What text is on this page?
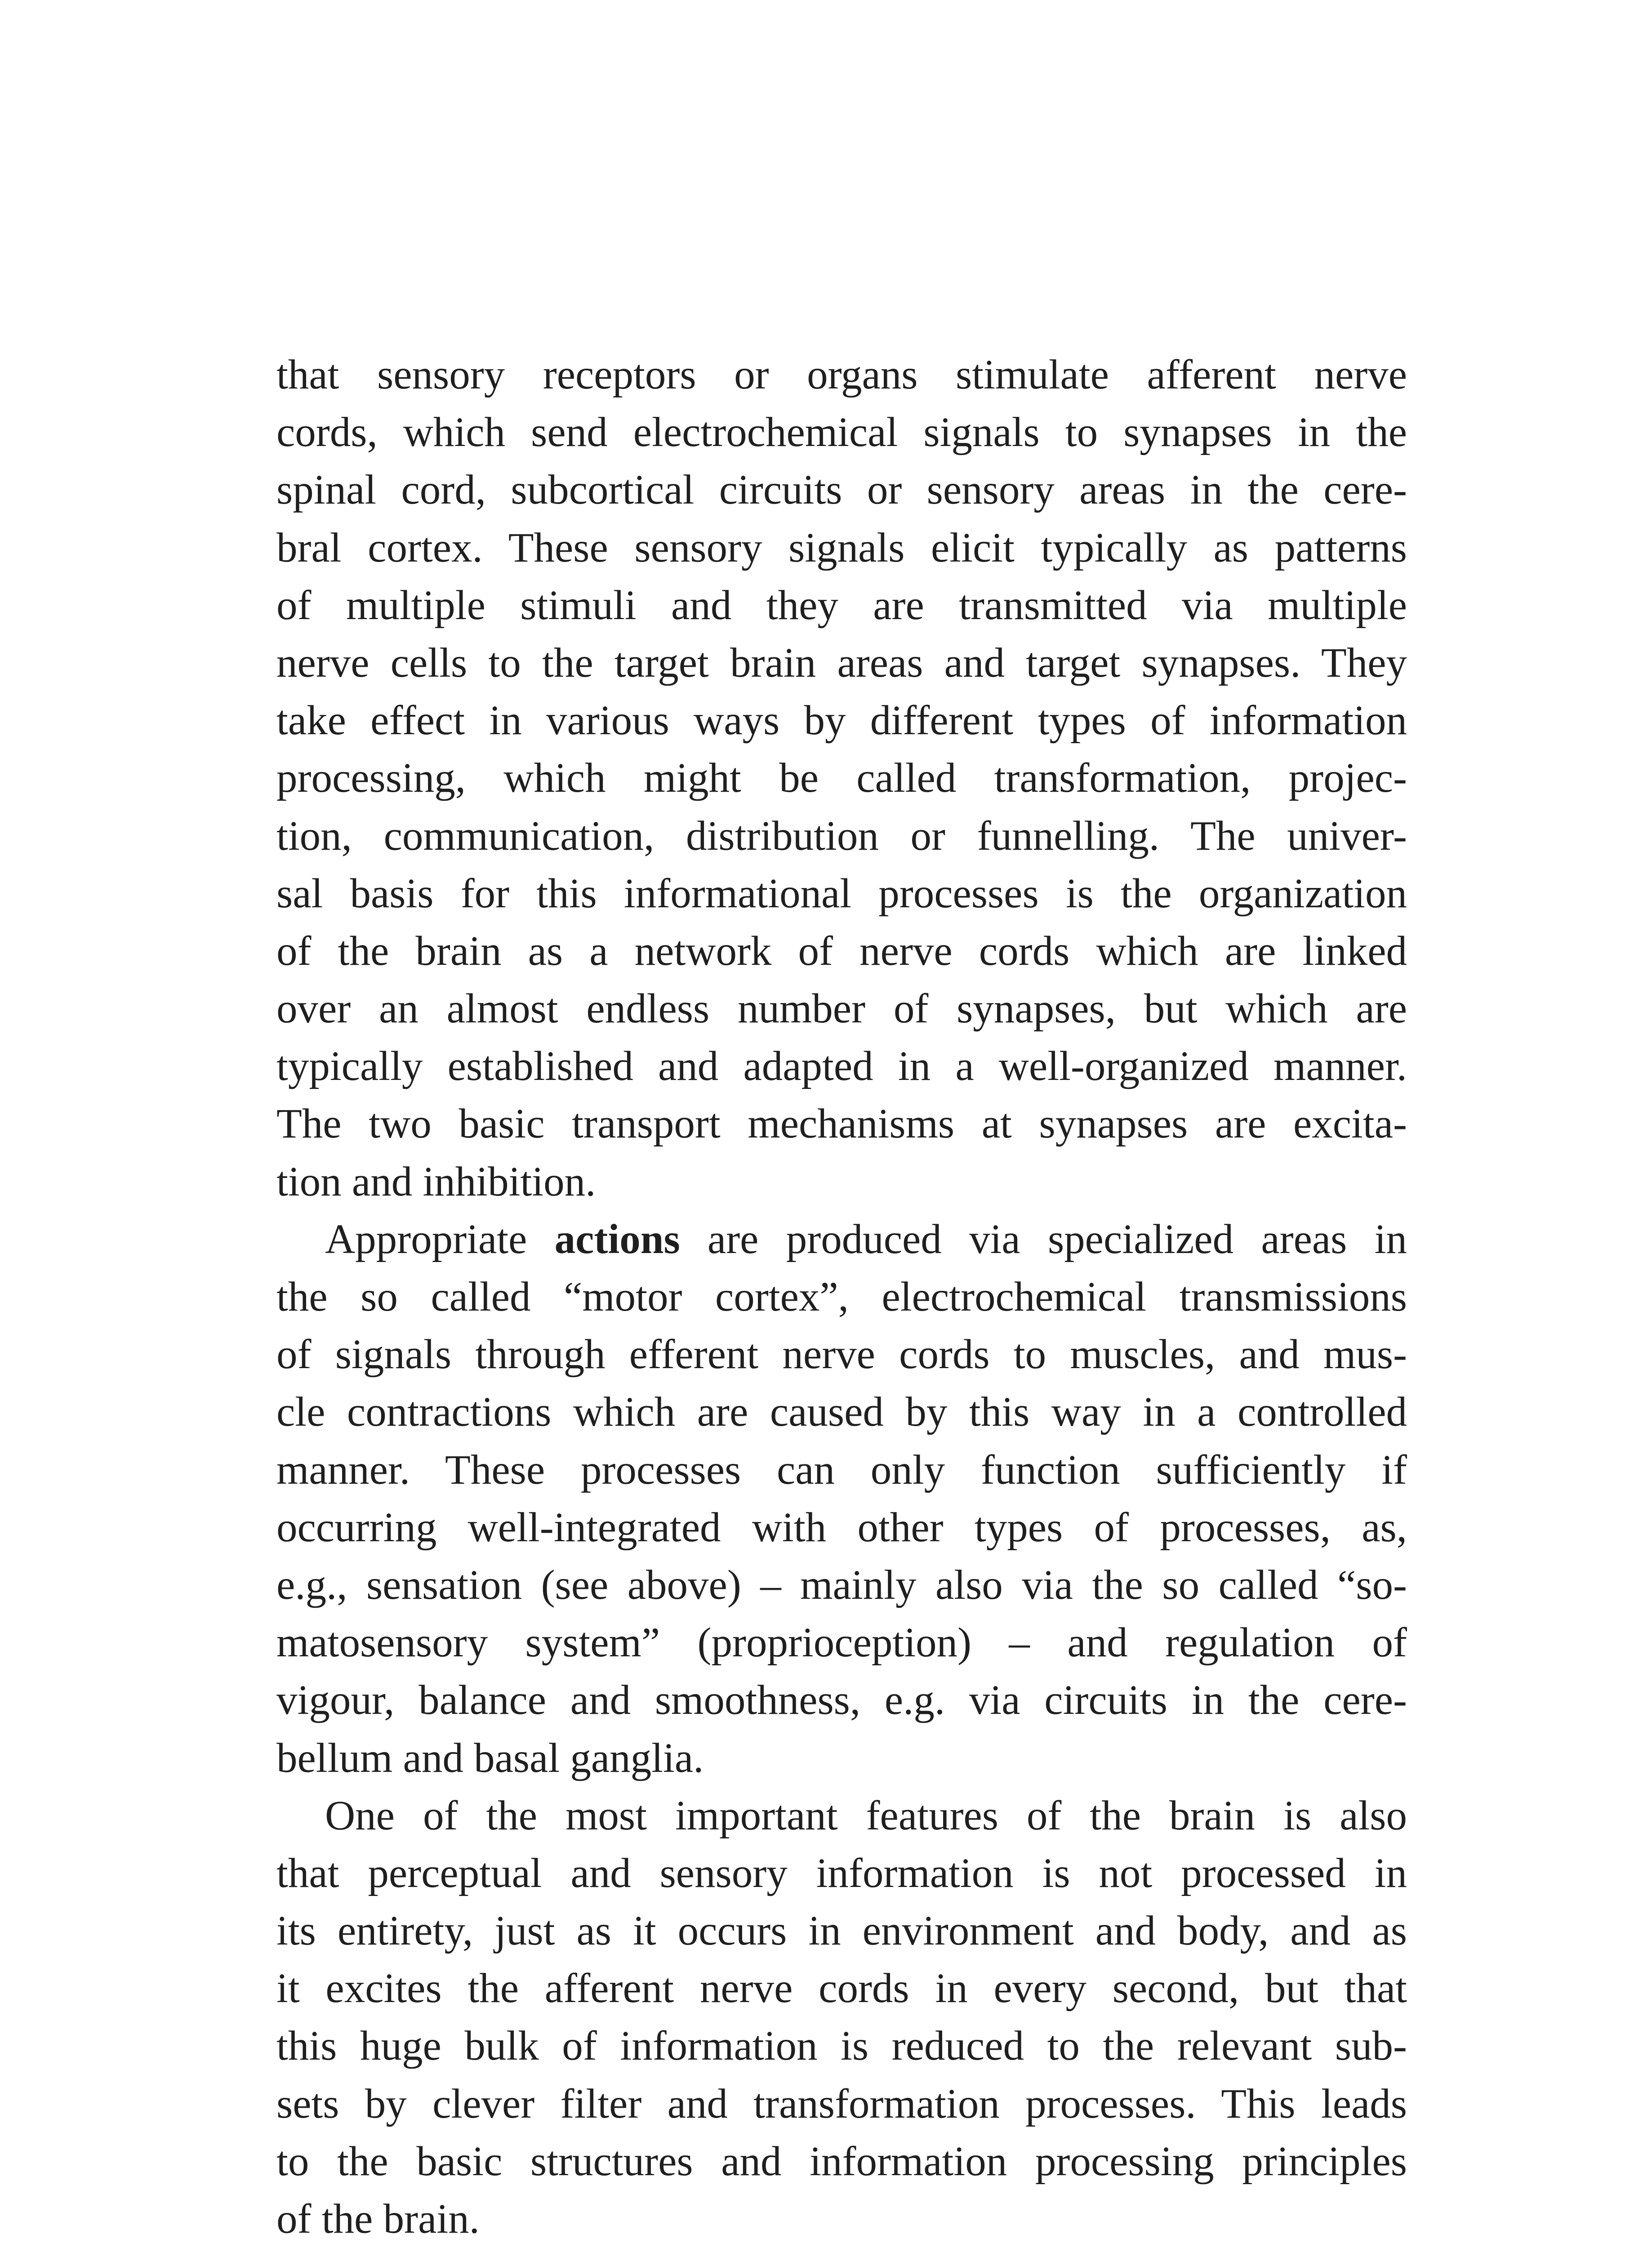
that sensory receptors or organs stimulate afferent nerve
cords, which send electrochemical signals to synapses in the
spinal cord, subcortical circuits or sensory areas in the cere-
bral cortex. These sensory signals elicit typically as patterns
of multiple stimuli and they are transmitted via multiple
nerve cells to the target brain areas and target synapses. They
take effect in various ways by different types of information
processing, which might be called transformation, projec-
tion, communication, distribution or funnelling. The univer-
sal basis for this informational processes is the organization
of the brain as a network of nerve cords which are linked
over an almost endless number of synapses, but which are
typically established and adapted in a well-organized manner.
The two basic transport mechanisms at synapses are excita-
tion and inhibition.
Appropriate actions are produced via specialized areas in
the so called “motor cortex”, electrochemical transmissions
of signals through efferent nerve cords to muscles, and mus-
cle contractions which are caused by this way in a controlled
manner. These processes can only function sufficiently if
occurring well-integrated with other types of processes, as,
e.g., sensation (see above) – mainly also via the so called “so-
matosensory system” (proprioception) – and regulation of
vigour, balance and smoothness, e.g. via circuits in the cere-
bellum and basal ganglia.
One of the most important features of the brain is also
that perceptual and sensory information is not processed in
its entirety, just as it occurs in environment and body, and as
it excites the afferent nerve cords in every second, but that
this huge bulk of information is reduced to the relevant sub-
sets by clever filter and transformation processes. This leads
to the basic structures and information processing principles
of the brain.
